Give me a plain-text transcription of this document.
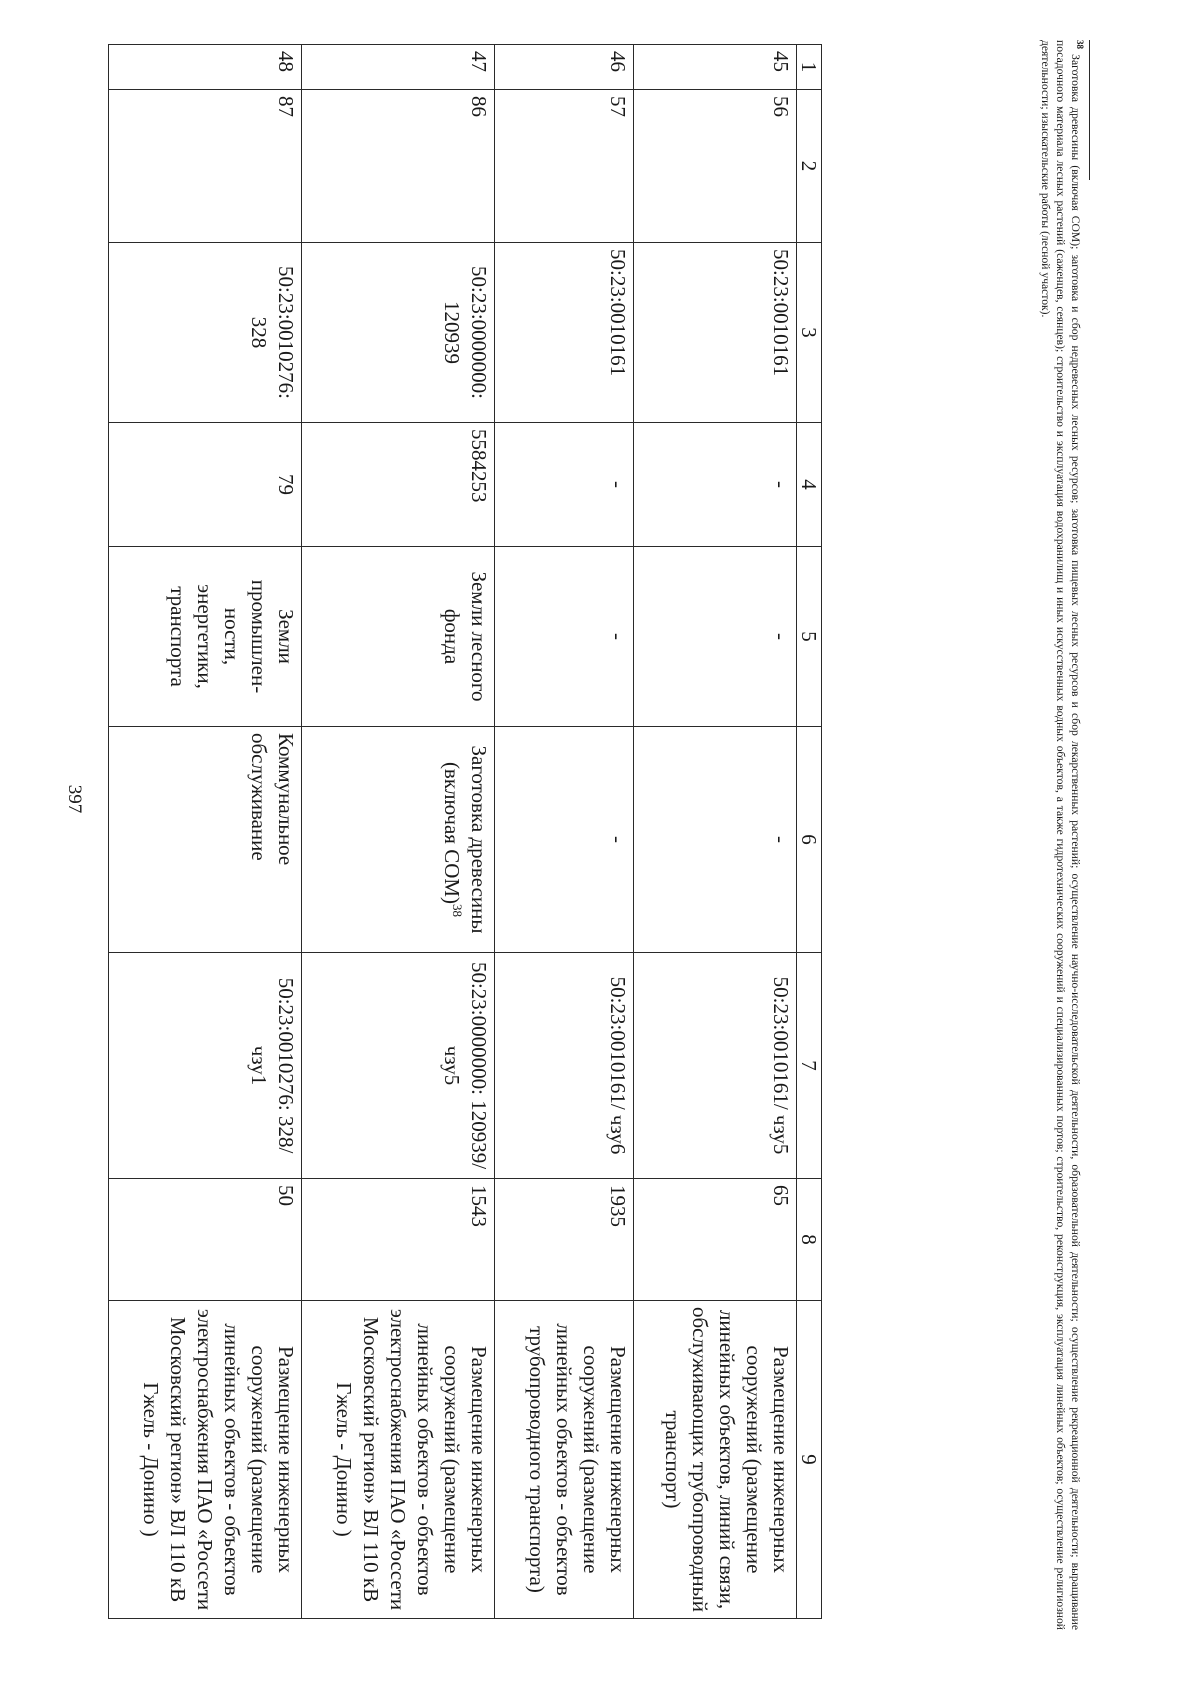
397
1	2	3	4	5	6	7	8	9
45	56	50:23:0010161	-	-	-	50:23:0010161/ чзу5	65	Размещение инженерных сооружений (размещение линейных объектов, линий связи, обслуживающих трубопроводный транспорт)
46	57	50:23:0010161	-	-	-	50:23:0010161/ чзу6	1935	Размещение инженерных сооружений (размещение линейных объектов - объектов трубопроводного транспорта)
47	86	50:23:0000000: 120939	5584253	Земли лесного фонда	Заготовка древесины (включая СОМ)$^{38}$	50:23:0000000: 120939/чзу5	1543	Размещение инженерных сооружений (размещение линейных объектов - объектов электроснабжения ПАО «Россети Московский регион» ВЛ 110 кВ Гжель - Донино )
48	87	50:23:0010276: 328	79	Земли промышлен-ности, энергетики, транспорта	Коммунальное обслуживание	50:23:0010276: 328/чзу1	50	Размещение инженерных сооружений (размещение линейных объектов - объектов электроснабжения ПАО «Россети Московский регион» ВЛ 110 кВ Гжель - Донино )

$^{38}$ Заготовка древесины (включая СОМ); заготовка и сбор недревесных лесных ресурсов; заготовка пищевых лесных ресурсов и сбор лекарственных растений; осуществление научно-исследовательской деятельности, образовательной деятельности; осуществление рекреационной деятельности; выращивание посадочного материала лесных растений (саженцев, сеянцев); строительство и эксплуатация водохранилищ и иных искусственных водных объектов, а также гидротехнических сооружений и специализированных портов; строительство, реконструкция, эксплуатация линейных объектов; осуществление религиозной деятельности; изыскательские работы (лесной участок).
